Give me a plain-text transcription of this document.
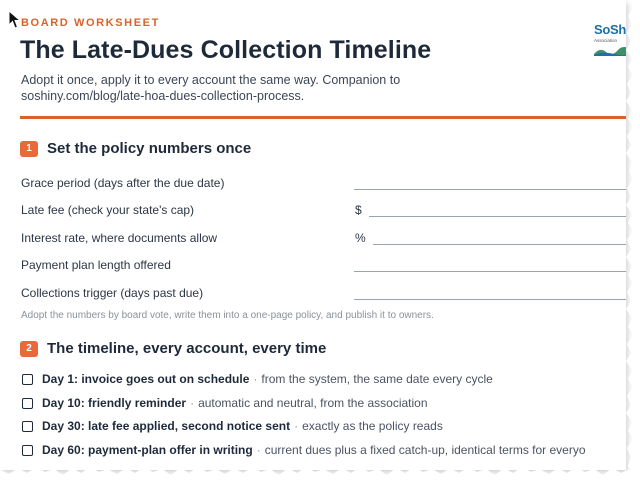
BOARD WORKSHEET
The Late-Dues Collection Timeline
Adopt it once, apply it to every account the same way. Companion to soshiny.com/blog/late-hoa-dues-collection-process.
SoSh
Association
1	Set the policy numbers once
Grace period (days after the due date)
Late fee (check your state's cap)	$
Interest rate, where documents allow	%
Payment plan length offered
Collections trigger (days past due)
Adopt the numbers by board vote, write them into a one-page policy, and publish it to owners.
2	The timeline, every account, every time
Day 1: invoice goes out on schedule · from the system, the same date every cycle
Day 10: friendly reminder · automatic and neutral, from the association
Day 30: late fee applied, second notice sent · exactly as the policy reads
Day 60: payment-plan offer in writing · current dues plus a fixed catch-up, identical terms for everyo
